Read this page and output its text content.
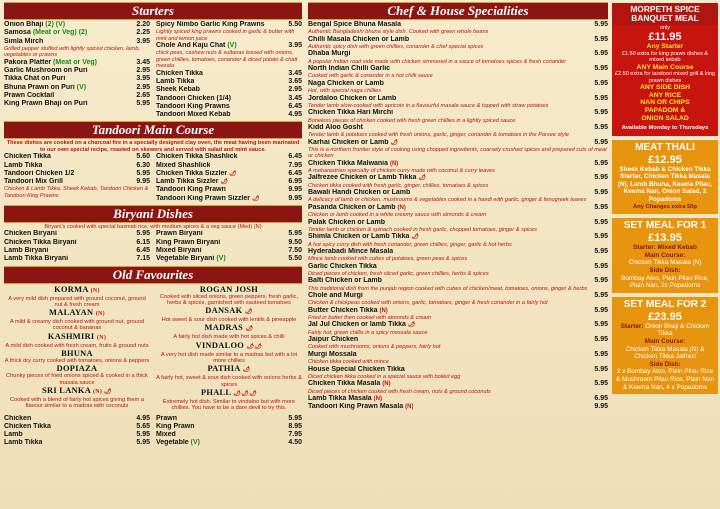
Starters
Onion Bhaji (2) (V)	2.20
Samosa (Meat or Veg) (2)	2.25
Simla Mirch	3.95
Grilled pepper stuffed with lightly spiced chicken, lamb, vegetables or prawns
Pakora Platter (Meat or Veg)	3.45
Garlic Mushroom on Puri	2.95
Tikka Chat on Puri	3.95
Bhuna Prawn on Puri (V)	2.95
Prawn Cocktail	2.65
King Prawn Bhaji on Puri	5.95
Spicy Nimbo Garlic King Prawns	5.50
Lightly spiced king prawns cooked in garlic & butter with mint and lemon juice
Chole And Kaju Chat (V)	3.95
chick peas, cashew nuts & sultanas tossed with onions, green chillies, tomatoes, coriander & diced potato & chatt masala
Chicken Tikka	3.45
Lamb Tikka	3.65
Sheek Kebab	2.95
Tandoori Chicken (1/4)	3.45
Tandoori King Prawns	6.45
Tandoori Mixed Kebab	4.95
Tandoori Main Course
These dishes are cooked on a charcoal fire in a specially designed clay oven, the meat having been marinated to our own special recipe, roasted on skewers and served with salad and mint sauce.
Chicken Tikka	5.60
Lamb Tikka	6.30
Tandoori Chicken 1/2	5.95
Tandoori Mix Grill	9.95
Chicken & Lamb Tikka, Sheek Kebab, Tandoori Chicken & Tandoori King Prawns
Chicken Tikka Shashlick	6.45
Mixed Shashlick	7.95
Chicken Tikka Sizzler 🌶	6.45
Lamb Tikka Sizzler 🌶	6.95
Tandoori King Prawn	9.95
Tandoori King Prawn Sizzler 🌶	9.95
Biryani Dishes
Biryani's cooked with special basmati rice, with medium spices & a veg sauce (Med) (N)
Chicken Biryani	5.95
Chicken Tikka Biryani	6.15
Lamb Biryani	6.45
Lamb Tikka Biryani	7.15
Prawn Biryani	5.95
King Prawn Biryani	9.50
Mixed Biryani	7.50
Vegetable Biryani (V)	5.50
Old Favourites
KORMA (N)
A very mild dish prepared with ground coconut, ground nut & fresh cream
MALAYAN (N)
A mild & creamy dish cooked with ground nut, ground coconut & bananas
KASHMIRI (N)
A mild dish cooked with fresh cream, fruits & ground nuts
BHUNA
A thick dry curry cooked with tomatoes, onions & peppers
DOPIAZA
Chunky pieces of fried onions spiced & cooked in a thick masala sauce
SRI LANKA (N) 🌶
Cooked with a blend of fairly hot spices giving them a flavour similar to a madras with coconuts
ROGAN JOSH
Cooked with sliced onions, green peppers, fresh garlic, herbs & spices, garnished with sauteed tomatoes
DANSAK 🌶
Hot sweet & sour dish cooked with lentils & pineapple
MADRAS 🌶
A fairly hot dish made with hot spices & chilli
VINDALOO 🌶🌶
A very hot dish made similar to a madras but with a lot more chillies
PATHIA 🌶
A fairly hot, sweet & sour dish cooked with onions herbs & spices
PHALL 🌶🌶🌶
Extremely hot dish. Similar to vindaloo but with more chillies. You have to be a dare devil to try this.
Chicken	4.95
Chicken Tikka	5.65
Lamb	5.95
Lamb Tikka	5.95
Prawn	5.95
King Prawn	8.95
Mixed	7.95
Vegetable (V)	4.50
Chef & House Specialities
Bengal Spice Bhuna Masala	5.95
Authentic Bangladeshi bhuna style dish. Cooked with green whole beans
Chilli Masala Chicken or Lamb	5.95
Authentic spicy dish with green chillies, coriander & chef special spices
Dhaba Murgi	5.95
A popular Indian road side made with chicken simmered in a sauce of tomatoes spices & fresh coriander
North Indian Chilli Garlic	5.95
Cooked with garlic & coriander in a hot chilli sauce
Naga Chicken or Lamb	5.95
Hot, with special naga chillies
Jordaloo Chicken or Lamb	5.95
Tender lamb slow-cooked with apricots in a flavourful masala sauce & topped with straw potatoes
Chicken Tikka Hari Mirchi	5.95
Boneless pieces of chicken cooked with fresh green chillies in a lightly spiced sauce
Kidd Aloo Gosht	5.95
Tender lamb & potatoes cooked with fresh onions, garlic, ginger, coriander & tomatoes in the Parsee style
Karhai Chicken or Lamb 🌶	5.95
This is a northern frontier style of cooking using chopped ingredients, coarsely crushed spices and prepared cuts of meat or chicken
Chicken Tikka Malwania (N)	5.95
A maharastrian specialty of chicken curry made with coconut & curry leaves
Jalfrezee Chicken or Lamb Tikka 🌶	5.95
Chicken tikka cooked with fresh garlic, ginger, chillies, tomatoes & spices
Bawali Handi Chicken or Lamb	5.95
A delicacy of lamb or chicken, mushrooms & vegetables cooked in a handi with garlic, ginger & fenugreek leaves
Pasanda Chicken or Lamb (N)	5.95
Chicken or lamb cooked in a white creamy sauce with almonds & cream
Palak Chicken or Lamb	5.95
Tender lamb or chicken & spinach cooked in fresh garlic, chopped tomatoes, ginger & spices
Shimla Chicken or Lamb Tikka 🌶	5.95
A hot spicy curry dish with fresh coriander, green chillies, ginger, garlic & hot herbs
Hyderabadi Mince Masala	5.95
Mince lamb cooked with cubes of potatoes, green peas & spices
Garlic Chicken Tikka	5.95
Diced pieces of chicken, fresh sliced garlic, green chillies, herbs & spices
Balti Chicken or Lamb	5.95
This traditional dish from the punjab region cooked with cubes of chicken/meat, tomatoes, onions, ginger & herbs
Chole and Murgi	5.95
Chicken & chickpeas cooked with onions, garlic, tomatoes, ginger & fresh coriander in a fairly hot
Butter Chicken Tikka (N)	5.95
Fried in butter then cooked with almonds & cream
Jal Jul Chicken or lamb Tikka 🌶	5.95
Fairly hot, green chillis in a spicy mossala sauce
Jaipur Chicken	5.95
Cooked with mushrooms, onions & peppers, fairly hot
Murgi Mossala	5.95
Chicken tikka cooked with mince
House Special Chicken Tikka	5.95
Diced chicken tikka cooked in a special sauce with boiled egg
Chicken Tikka Masala (N)	5.95
Diced pieces of chicken cooked with fresh cream, nuts & ground coconuts
Lamb Tikka Masala (N)	6.95
Tandoori King Prawn Masala (N)	9.95
MORPETH SPICE BANQUET MEAL
only
£11.95
Any Starter
£1.50 extra for king prawn dishes & mixed kebab
ANY Main Course
£2.50 extra for tandoori mixed grill & king prawn dishes
ANY SIDE DISH
ANY RICE
NAN OR CHIPS
PAPADOM &
ONION SALAD
Available Monday to Thursdays
MEAT THALI
£12.95
Sheek Kebab & Chicken Tikka Starter, Chicken Tikka Masala (N), Lamb Bhuna, Keema Pilau, Keema Nan, Onion Salad, 2 Popadoms
Any Changes extra 50p
SET MEAL FOR 1
£13.95
Starter: Mixed Kebab
Main Course:
Chicken Tikka Masala (N)
Side Dish:
Bombay Aloo, Plain Pilau Rice, Plain Nan, 2x Popadoms
SET MEAL FOR 2
£23.95
Starter: Onion Bhaji & Chicken Tikka
Main Course:
Chicken Tikka Masala (N) & Chicken Tikka Jalfrezi
Side Dish:
2 x Bombay Aloo, Plain Pilau Rice & Mushroom Pilau Rice, Plain Nan & Keema Nan, 4 x Popadoms
